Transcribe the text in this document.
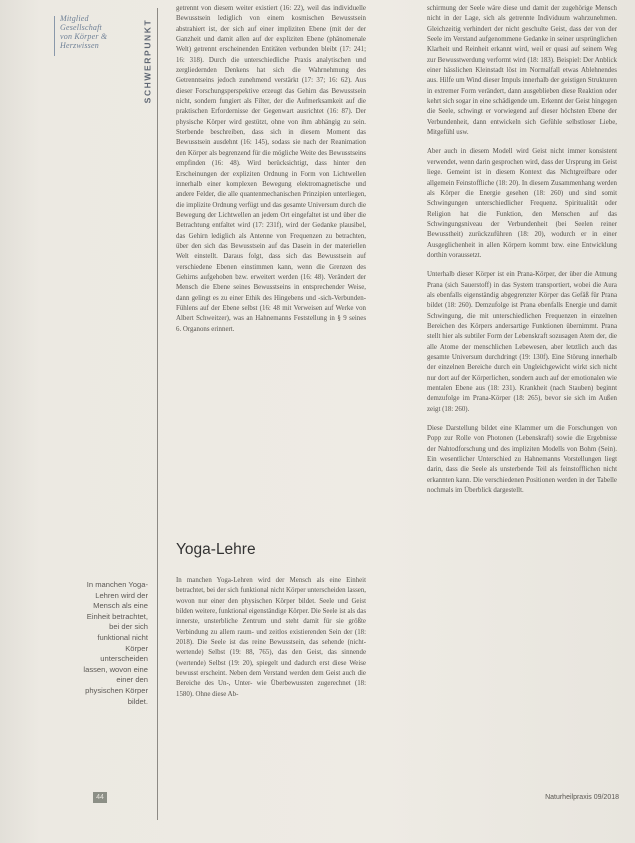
Mitglied
Gesellschaft
von Körper &
Herzwissen	SCHWERPUNKT
In manchen Yoga-Lehren wird der Mensch als eine Einheit betrachtet, bei der sich funktional nicht Körper unterscheiden lassen, wovon eine einer den physischen Körper bildet.
44

getrennt von diesem weiter existiert (16: 22), weil das individuelle Bewusstsein lediglich von einem kosmischen Bewusstsein abstrahiert ist, der sich auf einer impliziten Ebene (mit der der Ganzheit und damit allen auf der expliziten Ebene (phänomenale Welt) getrennt erscheinenden Entitäten verbunden bleibt (17: 241; 16: 318). Durch die unterschiedliche Praxis analytischen und zergliedernden Denkens hat sich die Wahrnehmung des Getrenntseins jedoch zunehmend verstärkt (17: 37; 16: 62). Aus dieser Forschungsperspektive erzeugt das Gehirn das Bewusstsein nicht, sondern fungiert als Filter, der die Aufmerksamkeit auf die praktischen Erfordernisse der Gegenwart ausrichtet (16: 87). Der physische Körper wird gestützt, ohne von ihm abhängig zu sein. Sterbende beschreiben, dass sich in diesem Moment das Bewusstsein ausdehnt (16: 145), sodass sie nach der Reanimation den Körper als begrenzend für die mögliche Weite des Bewusstseins empfinden (16: 48). Wird berücksichtigt, dass hinter den Erscheinungen der expliziten Ordnung in Form von Lichtwellen innerhalb einer komplexen Bewegung elektromagnetische und andere Felder, die alle quantenmechanischen Prinzipien unterliegen, die implizite Ordnung verfügt und das gesamte Universum durch die Bewegung der Lichtwellen an jedem Ort eingefaltet ist und über die Betrachtung entfaltet wird (17: 231f), wird der Gedanke plausibel, das Gehirn lediglich als Antenne von Frequenzen zu betrachten, über den sich das Bewusstsein auf das Dasein in der materiellen Welt einstellt. Daraus folgt, dass sich das Bewusstsein auf verschiedene Ebenen einstimmen kann, wenn die Grenzen des Gehirns aufgehoben bzw. erweitert werden (16: 48). Verändert der Mensch die Ebene seines Bewusstseins in entsprechender Weise, dann gelingt es zu einer Ethik des Hingebens und -sich-Verbunden-Fühlens auf der Ebene selbst (16: 48 mit Verweisen auf Werke von Albert Schweitzer), was an Hahnemanns Feststellung in § 9 seines 6. Organons erinnert.

Yoga-Lehre

In manchen Yoga-Lehren wird der Mensch als eine Einheit betrachtet, bei der sich funktional nicht Körper unterscheiden lassen, wovon nur einer den physischen Körper bildet. Seele und Geist bilden weitere, funktional eigenständige Körper. Die Seele ist als das innerste, unsterbliche Zentrum und steht damit für sie größte Verbindung zu allem raum- und zeitlos existierenden Sein der (18: 2018). Die Seele ist das reine Bewusstsein, das sehende (nicht-wertende) Selbst (19: 88, 765), das den Geist, das sinnende (wertende) Selbst (19: 20), spiegelt und dadurch erst diese Weise bewusst erscheint. Neben dem Verstand werden dem Geist auch die Bereiche des Un-, Unter- wie Überbewussten zugerechnet (18: 1580). Ohne diese Ab-

schirmung der Seele wäre diese und damit der zugehörige Mensch nicht in der Lage, sich als getrennte Individuum wahrzunehmen. Gleichzeitig verhindert der nicht geschulte Geist, dass der von der Seele im Verstand aufgenommene Gedanke in seiner ursprünglichen Klarheit und Reinheit erkannt wird, weil er quasi auf seinem Weg zur Bewusstwerdung verformt wird (18: 183). Beispiel: Der Anblick einer hässlichen Kleinstadt löst im Normalfall etwas Ablehnendes aus. Hilfe um Wind dieser Impuls innerhalb der geistigen Strukturen in extremer Form verändert, dann ausgeblieben diese Reaktion oder kehrt sich sogar in eine schädigende um. Erkennt der Geist hingegen die Seele, schwingt er vorwiegend auf dieser höchsten Ebene der Verbundenheit, dann entwickeln sich Gefühle selbstloser Liebe, Mitgefühl usw.

Aber auch in diesem Modell wird Geist nicht immer konsistent verwendet, wenn darin gesprochen wird, dass der Ursprung im Geist liege. Gemeint ist in diesem Kontext das Nichtgreifbare oder allgemein Feinstoffliche (18: 20). In diesem Zusammenhang werden als Körper die Energie gesehen (18: 260) und sind somit Schwingungen unterschiedlicher Frequenz. Spiritualität oder Religion hat die Funktion, den Menschen auf das Schwingungsniveau der Verbundenheit (bei Seelen reiner Bewusstheit) zurückzuführen (18: 20), wodurch er in einer Ausgeglichenheit in allen Körpern kommt bzw. eine Entwicklung dorthin voraussetzt.

Unterhalb dieser Körper ist ein Prana-Körper, der über die Atmung Prana (sich Sauerstoff) in das System transportiert, wobei die Aura als ebenfalls eigenständig abgegrenzter Körper das Gefäß für Prana bildet (18: 260). Demzufolge ist Prana ebenfalls Energie und damit Schwingung, die mit unterschiedlichen Frequenzen in einzelnen Bereichen des Körpers andersartige Funktionen übernimmt. Prana stellt hier als subtiler Form der Lebenskraft sozusagen Atem der, die alle Atome der menschlichen Lebewesen, aber letztlich auch das gesamte Universum durchdringt (19: 130f). Eine Störung innerhalb der einzelnen Bereiche durch ein Ungleichgewicht wirkt sich nicht nur dort auf der Körperlichen, sondern auch auf der emotionalen wie mentalen Ebene aus (18: 231). Krankheit (nach Stauben) beginnt demzufolge im Prana-Körper (18: 265), bevor sie sich im Außen zeigt (18: 260).

Diese Darstellung bildet eine Klammer um die Forschungen von Popp zur Rolle von Photonen (Lebenskraft) sowie die Ergebnisse der Nahtodforschung und des impliziten Modells von Bohm (Sein). Ein wesentlicher Unterschied zu Hahnemanns Vorstellungen liegt darin, dass die Seele als unsterbende Teil als feinstofflichen nicht erkannten kann. Die verschiedenen Positionen werden in der Tabelle nochmals im Überblick dargestellt.

Naturheilpraxis 09/2018
